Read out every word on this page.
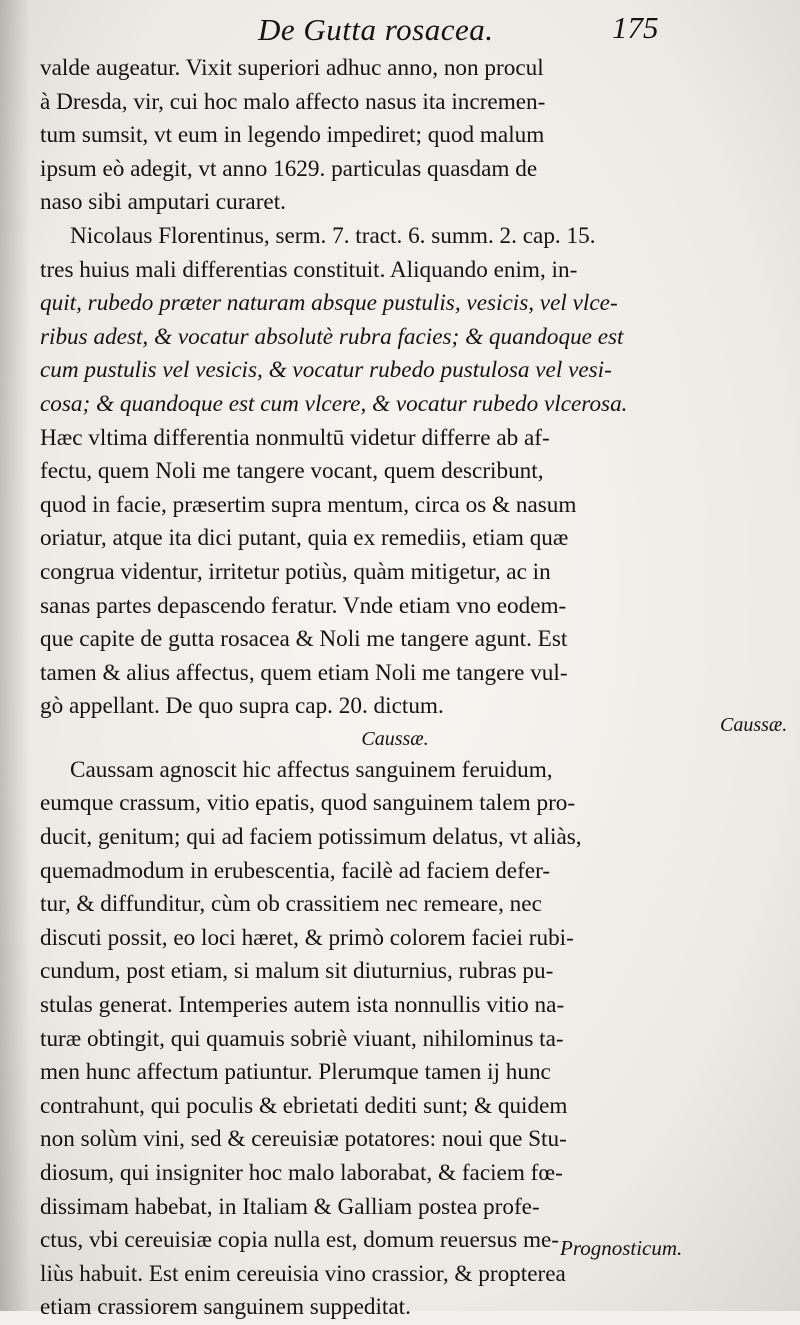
De Gutta rosacea.	175
valde augeatur. Vixit superiori adhuc anno, non procul
à Dresda, vir, cui hoc malo affecto nasus ita incremen-
tum sumsit, vt eum in legendo impediret; quod malum
ipsum eò adegit, vt anno 1629. particulas quasdam de
naso sibi amputari curaret.
Nicolaus Florentinus, serm. 7. tract. 6. summ. 2. cap. 15.
tres huius mali differentias constituit. Aliquando enim, in-
quit, rubedo præter naturam absque pustulis, vesicis, vel vlce-
ribus adest, & vocatur absolutè rubra facies; & quandoque est
cum pustulis vel vesicis, & vocatur rubedo pustulosa vel vesi-
cosa; & quandoque est cum vlcere, & vocatur rubedo vlcerosa.
Hæc vltima differentia nonmultū videtur differre ab af-
fectu, quem Noli me tangere vocant, quem describunt,
quod in facie, præsertim supra mentum, circa os & nasum
oriatur, atque ita dici putant, quia ex remediis, etiam quæ
congrua videntur, irritetur potiùs, quàm mitigetur, ac in
sanas partes depascendo feratur. Vnde etiam vno eodem-
que capite de gutta rosacea & Noli me tangere agunt. Est
tamen & alius affectus, quem etiam Noli me tangere vul-
gò appellant. De quo supra cap. 20. dictum.
Caussæ.
Caussam agnoscit hic affectus sanguinem feruidum,
eumque crassum, vitio epatis, quod sanguinem talem pro-
ducit, genitum; qui ad faciem potissimum delatus, vt aliàs,
quemadmodum in erubescentia, facilè ad faciem defer-
tur, & diffunditur, cùm ob crassitiem nec remeare, nec
discuti possit, eo loci hæret, & primò colorem faciei rubi-
cundum, post etiam, si malum sit diuturnius, rubras pu-
stulas generat. Intemperies autem ista nonnullis vitio na-
turæ obtingit, qui quamuis sobriè viuant, nihilominus ta-
men hunc affectum patiuntur. Plerumque tamen ij hunc
contrahunt, qui poculis & ebrietati dediti sunt; & quidem
non solùm vini, sed & cereuisiæ potatores: noui que Stu-
diosum, qui insigniter hoc malo laborabat, & faciem fœ-
dissimam habebat, in Italiam & Galliam postea profe-
ctus, vbi cereuisiæ copia nulla est, domum reuersus me-
liùs habuit. Est enim cereuisia vino crassior, & propterea
etiam crassiorem sanguinem suppeditat.
Caussæ.
Prognosticum.
